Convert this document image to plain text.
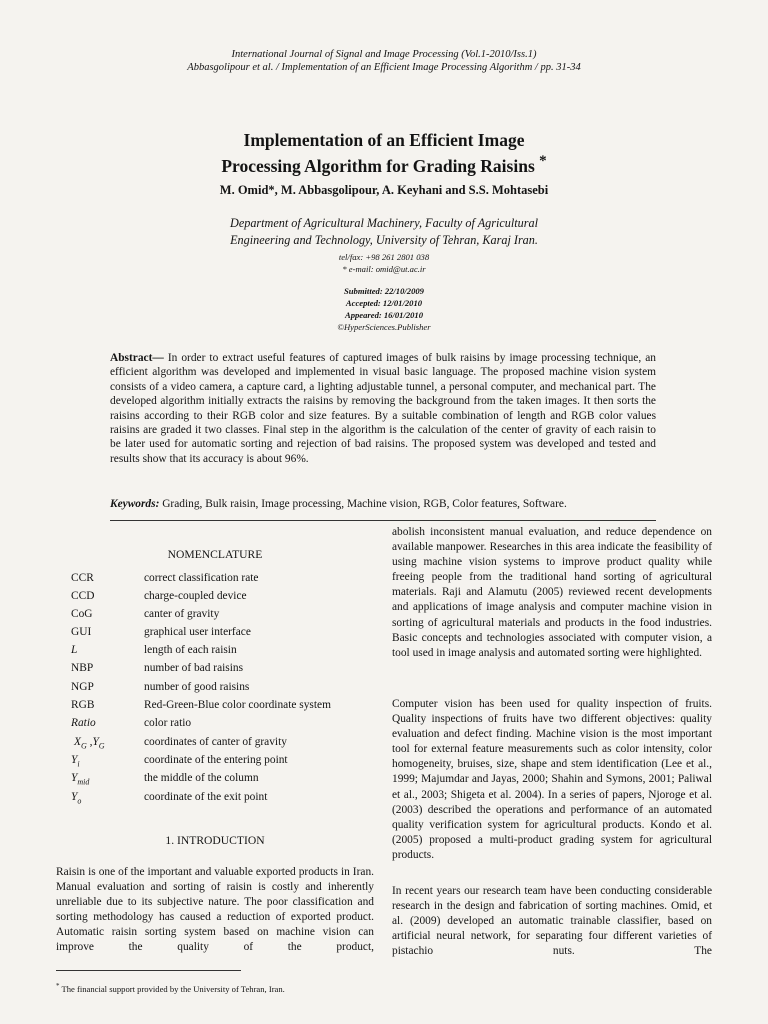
International Journal of Signal and Image Processing (Vol.1-2010/Iss.1)
Abbasgolipour et al. / Implementation of an Efficient Image Processing Algorithm / pp. 31-34
Implementation of an Efficient Image
Processing Algorithm for Grading Raisins *
M. Omid*, M. Abbasgolipour, A. Keyhani and S.S. Mohtasebi
Department of Agricultural Machinery, Faculty of Agricultural
Engineering and Technology, University of Tehran, Karaj Iran.
tel/fax: +98 261 2801 038
* e-mail: omid@ut.ac.ir
Submitted: 22/10/2009
Accepted: 12/01/2010
Appeared: 16/01/2010
©HyperSciences.Publisher
Abstract— In order to extract useful features of captured images of bulk raisins by image processing technique, an efficient algorithm was developed and implemented in visual basic language. The proposed machine vision system consists of a video camera, a capture card, a lighting adjustable tunnel, a personal computer, and mechanical part. The developed algorithm initially extracts the raisins by removing the background from the taken images. It then sorts the raisins according to their RGB color and size features. By a suitable combination of length and RGB color values raisins are graded it two classes. Final step in the algorithm is the calculation of the center of gravity of each raisin to be later used for automatic sorting and rejection of bad raisins. The proposed system was developed and tested and results show that its accuracy is about 96%.
Keywords: Grading, Bulk raisin, Image processing, Machine vision, RGB, Color features, Software.
NOMENCLATURE
CCR	correct classification rate
CCD	charge-coupled device
CoG	canter of gravity
GUI	graphical user interface
L	length of each raisin
NBP	number of bad raisins
NGP	number of good raisins
RGB	Red-Green-Blue color coordinate system
Ratio	color ratio
$X_G$ $,Y_G$	coordinates of canter of gravity
$Y_i$	coordinate of the entering point
$Y_{mid}$	the middle of the column
$Y_o$	coordinate of the exit point
1. INTRODUCTION
Raisin is one of the important and valuable exported products in Iran. Manual evaluation and sorting of raisin is costly and inherently unreliable due to its subjective nature. The poor classification and sorting methodology has caused a reduction of exported product. Automatic raisin sorting system based on machine vision can improve the quality of the product,
* The financial support provided by the University of Tehran, Iran.
abolish inconsistent manual evaluation, and reduce dependence on available manpower. Researches in this area indicate the feasibility of using machine vision systems to improve product quality while freeing people from the traditional hand sorting of agricultural materials. Raji and Alamutu (2005) reviewed recent developments and applications of image analysis and computer machine vision in sorting of agricultural materials and products in the food industries. Basic concepts and technologies associated with computer vision, a tool used in image analysis and automated sorting were highlighted.
Computer vision has been used for quality inspection of fruits. Quality inspections of fruits have two different objectives: quality evaluation and defect finding. Machine vision is the most important tool for external feature measurements such as color intensity, color homogeneity, bruises, size, shape and stem identification (Lee et al., 1999; Majumdar and Jayas, 2000; Shahin and Symons, 2001; Paliwal et al., 2003; Shigeta et al. 2004). In a series of papers, Njoroge et al. (2003) described the operations and performance of an automated quality verification system for agricultural products. Kondo et al. (2005) proposed a multi-product grading system for agricultural products.
In recent years our research team have been conducting considerable research in the design and fabrication of sorting machines. Omid, et al. (2009) developed an automatic trainable classifier, based on artificial neural network, for separating four different varieties of pistachio nuts. The
